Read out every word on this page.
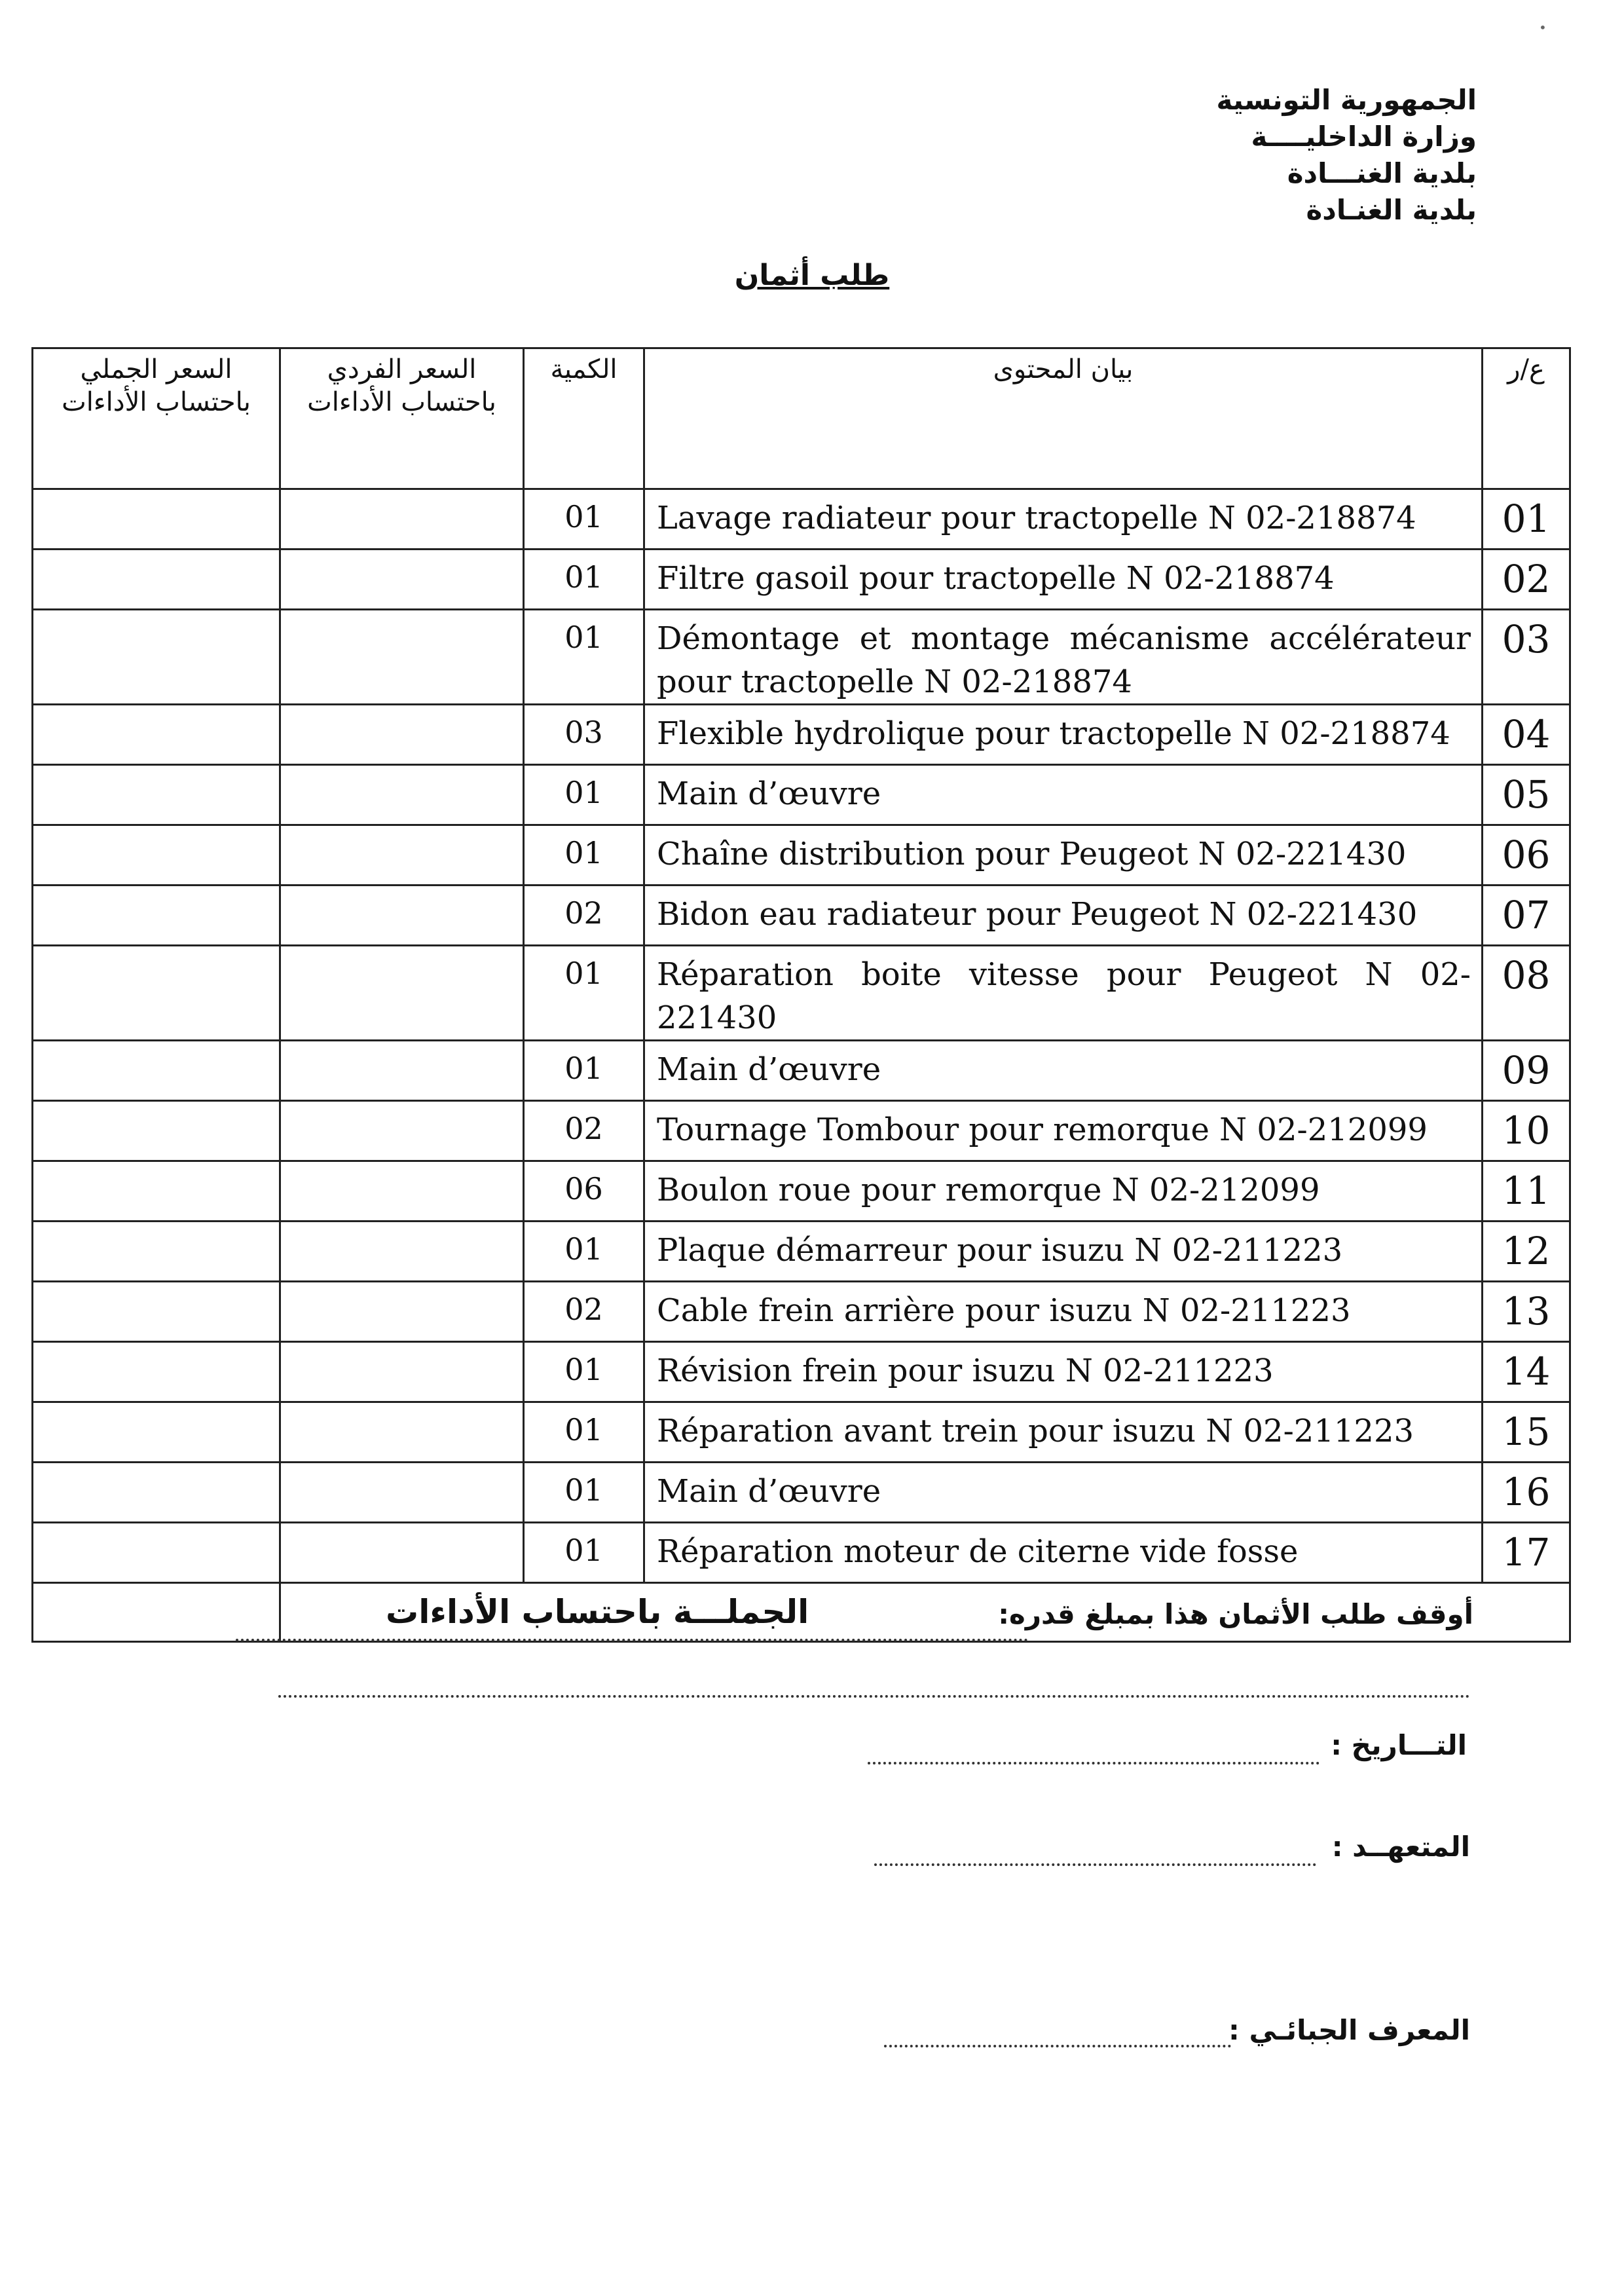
الجمهورية التونسية
وزارة الداخليــــة
بلدية الغنـــادة
بلدية الغنـادة
طلب أثمان
السعر الجملي باحتساب الأداءات	السعر الفردي باحتساب الأداءات	الكمية	بيان المحتوى	ع/ر
		01	Lavage radiateur pour tractopelle N 02-218874	01
		01	Filtre gasoil pour tractopelle N 02-218874	02
		01	Démontage et montage mécanisme accélérateur pour tractopelle N 02-218874	03
		03	Flexible hydrolique pour tractopelle N 02-218874	04
		01	Main d’œuvre	05
		01	Chaîne distribution pour Peugeot N 02-221430	06
		02	Bidon eau radiateur pour Peugeot N 02-221430	07
		01	Réparation boite vitesse pour Peugeot N 02-221430	08
		01	Main d’œuvre	09
		02	Tournage Tombour pour remorque N 02-212099	10
		06	Boulon roue pour remorque N 02-212099	11
		01	Plaque démarreur pour isuzu N 02-211223	12
		02	Cable frein arrière pour isuzu N 02-211223	13
		01	Révision frein pour isuzu N 02-211223	14
		01	Réparation avant trein pour isuzu N 02-211223	15
		01	Main d’œuvre	16
		01	Réparation moteur de citerne vide fosse	17
	الجملـــة باحتساب الأداءات				أوقف طلب الأثمان هذا بمبلغ قدره:
التـــاريخ :
المتعهــد :
المعرف الجبائـي :
•
